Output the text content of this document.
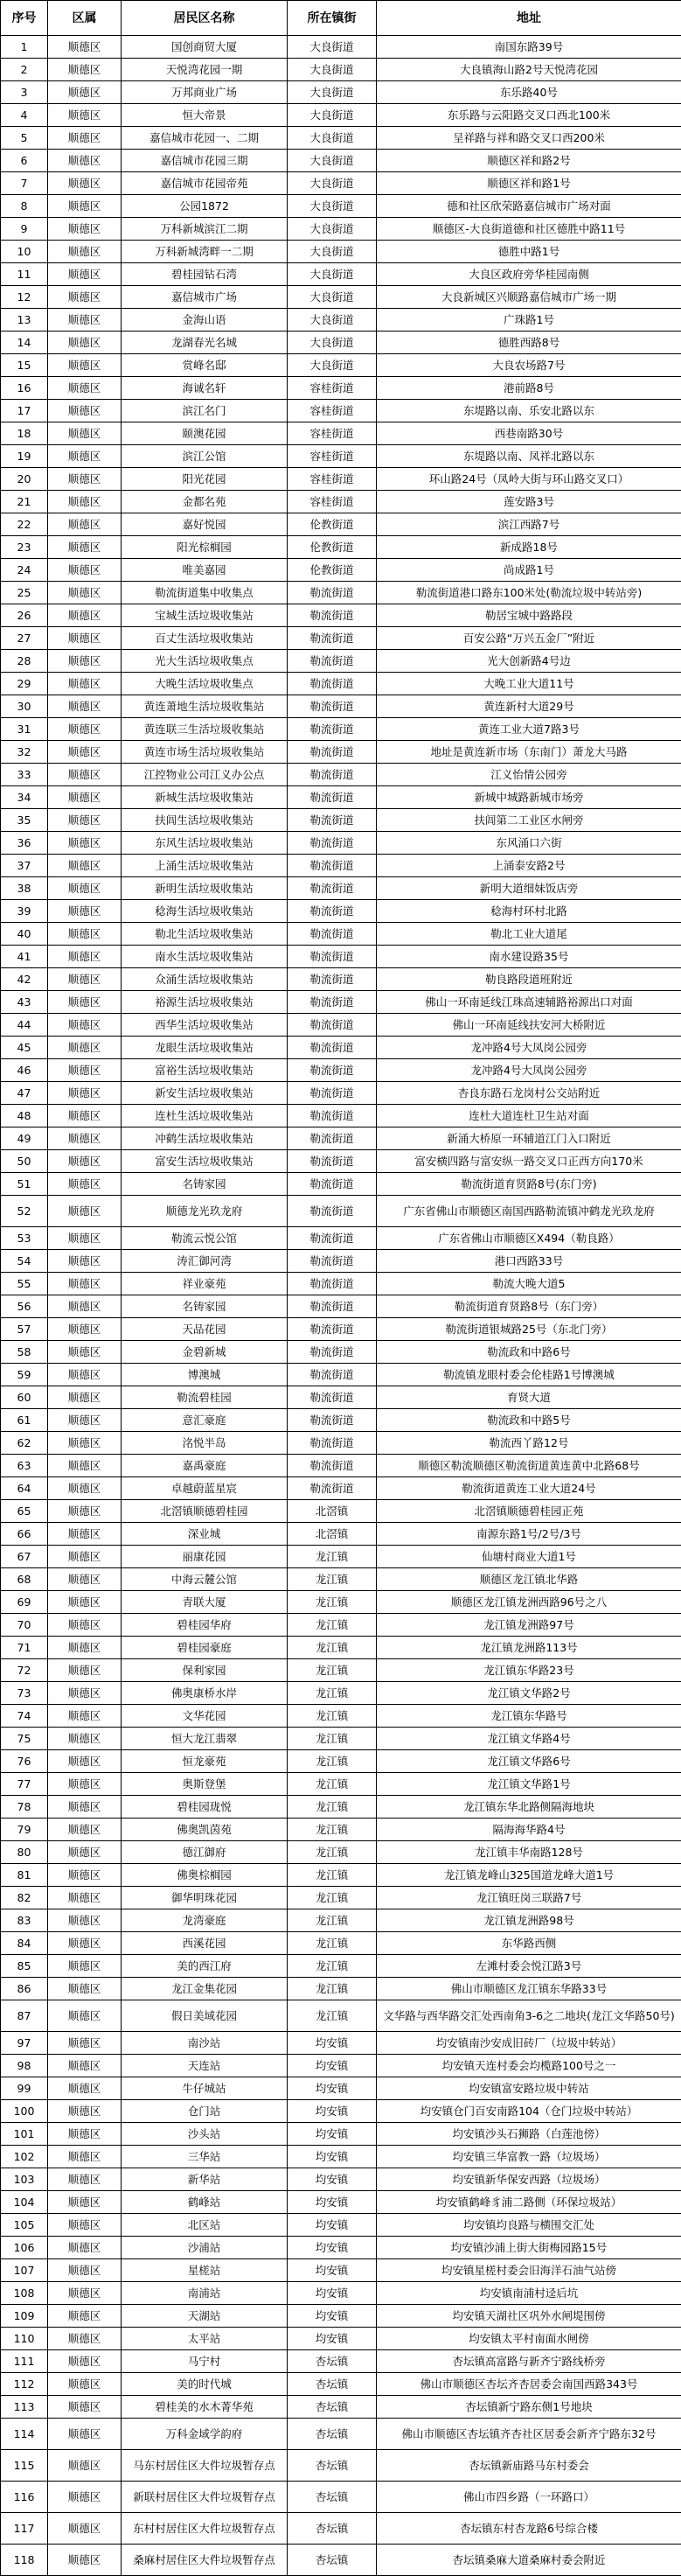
序号	区属	居民区名称	所在镇街	地址
1	顺德区	国创商贸大厦	大良街道	南国东路39号
2	顺德区	天悦湾花园一期	大良街道	大良镇海山路2号天悦湾花园
3	顺德区	万邦商业广场	大良街道	东乐路40号
4	顺德区	恒大帝景	大良街道	东乐路与云阳路交叉口西北100米
5	顺德区	嘉信城市花园一、二期	大良街道	呈祥路与祥和路交叉口西200米
6	顺德区	嘉信城市花园三期	大良街道	顺德区祥和路2号
7	顺德区	嘉信城市花园帝苑	大良街道	顺德区祥和路1号
8	顺德区	公园1872	大良街道	德和社区欣荣路嘉信城市广场对面
9	顺德区	万科新城滨江二期	大良街道	顺德区-大良街道德和社区德胜中路11号
10	顺德区	万科新城湾畔一二期	大良街道	德胜中路1号
11	顺德区	碧桂园钻石湾	大良街道	大良区政府旁华桂园南侧
12	顺德区	嘉信城市广场	大良街道	大良新城区兴顺路嘉信城市广场一期
13	顺德区	金海山语	大良街道	广珠路1号
14	顺德区	龙湖春光名城	大良街道	德胜西路8号
15	顺德区	赏峰名邸	大良街道	大良农场路7号
16	顺德区	海诚名轩	容桂街道	港前路8号
17	顺德区	滨江名门	容桂街道	东堤路以南、乐安北路以东
18	顺德区	颐澳花园	容桂街道	西巷南路30号
19	顺德区	滨江公馆	容桂街道	东堤路以南、凤祥北路以东
20	顺德区	阳光花园	容桂街道	环山路24号（凤岭大街与环山路交叉口）
21	顺德区	金都名苑	容桂街道	莲安路3号
22	顺德区	嘉好悦园	伦教街道	滨江西路7号
23	顺德区	阳光棕榈园	伦教街道	新成路18号
24	顺德区	唯美嘉园	伦教街道	尚成路1号
25	顺德区	勒流街道集中收集点	勒流街道	勒流街道港口路东100米处(勒流垃圾中转站旁)
26	顺德区	宝城生活垃圾收集站	勒流街道	勒居宝城中路路段
27	顺德区	百丈生活垃圾收集站	勒流街道	百安公路“万兴五金厂”附近
28	顺德区	光大生活垃圾收集点	勒流街道	光大创新路4号边
29	顺德区	大晚生活垃圾收集点	勒流街道	大晚工业大道11号
30	顺德区	黄连萧地生活垃圾收集站	勒流街道	黄连新村大道29号
31	顺德区	黄连联三生活垃圾收集站	勒流街道	黄连工业大道7路3号
32	顺德区	黄连市场生活垃圾收集站	勒流街道	地址是黄连新市场（东南门）萧龙大马路
33	顺德区	江控物业公司江义办公点	勒流街道	江义怡情公园旁
34	顺德区	新城生活垃圾收集站	勒流街道	新城中城路新城市场旁
35	顺德区	扶闾生活垃圾收集站	勒流街道	扶闾第二工业区水闸旁
36	顺德区	东风生活垃圾收集站	勒流街道	东风涌口六街
37	顺德区	上涌生活垃圾收集站	勒流街道	上涌泰安路2号
38	顺德区	新明生活垃圾收集站	勒流街道	新明大道细妹饭店旁
39	顺德区	稔海生活垃圾收集站	勒流街道	稔海村环村北路
40	顺德区	勒北生活垃圾收集站	勒流街道	勒北工业大道尾
41	顺德区	南水生活垃圾收集站	勒流街道	南水建设路35号
42	顺德区	众涌生活垃圾收集站	勒流街道	勒良路段道班附近
43	顺德区	裕源生活垃圾收集站	勒流街道	佛山一环南延线江珠高速辅路裕源出口对面
44	顺德区	西华生活垃圾收集站	勒流街道	佛山一环南延线扶安河大桥附近
45	顺德区	龙眼生活垃圾收集站	勒流街道	龙冲路4号大凤岗公园旁
46	顺德区	富裕生活垃圾收集站	勒流街道	龙冲路4号大凤岗公园旁
47	顺德区	新安生活垃圾收集站	勒流街道	杏良东路石龙岗村公交站附近
48	顺德区	连杜生活垃圾收集站	勒流街道	连杜大道连杜卫生站对面
49	顺德区	冲鹤生活垃圾收集站	勒流街道	新涌大桥原一环辅道江门入口附近
50	顺德区	富安生活垃圾收集站	勒流街道	富安横四路与富安纵一路交叉口正西方向170米
51	顺德区	名铸家园	勒流街道	勒流街道育贤路8号(东门旁)
52	顺德区	顺德龙光玖龙府	勒流街道	广东省佛山市顺德区南国西路勒流镇冲鹤龙光玖龙府
53	顺德区	勒流云悦公馆	勒流街道	广东省佛山市顺德区X494（勒良路）
54	顺德区	涛汇御河湾	勒流街道	港口西路33号
55	顺德区	祥业豪苑	勒流街道	勒流大晚大道5
56	顺德区	名铸家园	勒流街道	勒流街道育贤路8号（东门旁）
57	顺德区	天品花园	勒流街道	勒流街道银城路25号（东北门旁）
58	顺德区	金碧新城	勒流街道	勒流政和中路6号
59	顺德区	博澳城	勒流街道	勒流镇龙眼村委会伦桂路1号博澳城
60	顺德区	勒流碧桂园	勒流街道	育贤大道
61	顺德区	意汇豪庭	勒流街道	勒流政和中路5号
62	顺德区	洺悦半岛	勒流街道	勒流西丫路12号
63	顺德区	嘉禹豪庭	勒流街道	顺德区勒流顺德区勒流街道黄连黄中北路68号
64	顺德区	卓越蔚蓝星宸	勒流街道	勒流街道黄连工业大道24号
65	顺德区	北滘镇顺德碧桂园	北滘镇	北滘镇顺德碧桂园正苑
66	顺德区	深业城	北滘镇	南源东路1号/2号/3号
67	顺德区	丽康花园	龙江镇	仙塘村商业大道1号
68	顺德区	中海云麓公馆	龙江镇	顺德区龙江镇北华路
69	顺德区	青联大厦	龙江镇	顺德区龙江镇龙洲西路96号之八
70	顺德区	碧桂园华府	龙江镇	龙江镇龙洲路97号
71	顺德区	碧桂园豪庭	龙江镇	龙江镇龙洲路113号
72	顺德区	保利家园	龙江镇	龙江镇东华路23号
73	顺德区	佛奥康桥水岸	龙江镇	龙江镇文华路2号
74	顺德区	文华花园	龙江镇	龙江镇东华路号
75	顺德区	恒大龙江翡翠	龙江镇	龙江镇文华路4号
76	顺德区	恒龙豪苑	龙江镇	龙江镇文华路6号
77	顺德区	奥斯登堡	龙江镇	龙江镇文华路1号
78	顺德区	碧桂园珑悦	龙江镇	龙江镇东华北路侧隔海地块
79	顺德区	佛奥凯茵苑	龙江镇	隔海海华路4号
80	顺德区	德江御府	龙江镇	龙江镇丰华南路128号
81	顺德区	佛奥棕榈园	龙江镇	龙江镇龙峰山325国道龙峰大道1号
82	顺德区	御华明珠花园	龙江镇	龙江镇旺岗三联路7号
83	顺德区	龙湾豪庭	龙江镇	龙江镇龙洲路98号
84	顺德区	西溪花园	龙江镇	东华路西侧
85	顺德区	美的西江府	龙江镇	左滩村委会悦江路3号
86	顺德区	龙江金集花园	龙江镇	佛山市顺德区龙江镇东华路33号
87	顺德区	假日美域花园	龙江镇	文华路与西华路交汇处西南角3-6之二地块(龙江文华路50号)
97	顺德区	南沙站	均安镇	均安镇南沙安成旧砖厂（垃圾中转站）
98	顺德区	天连站	均安镇	均安镇天连村委会均榄路100号之一
99	顺德区	牛仔城站	均安镇	均安镇富安路垃圾中转站
100	顺德区	仓门站	均安镇	均安镇仓门百安南路104（仓门垃圾中转站）
101	顺德区	沙头站	均安镇	均安镇沙头石狮路（白莲池傍）
102	顺德区	三华站	均安镇	均安镇三华富教一路（垃圾场）
103	顺德区	新华站	均安镇	均安镇新华保安西路（垃圾场）
104	顺德区	鹤峰站	均安镇	均安镇鹤峰豸浦二路侧（环保垃圾站）
105	顺德区	北区站	均安镇	均安镇均良路与横围交汇处
106	顺德区	沙浦站	均安镇	均安镇沙浦上街大街梅园路15号
107	顺德区	星槎站	均安镇	均安镇星槎村委会旧海洋石油气站傍
108	顺德区	南浦站	均安镇	均安镇南浦村迳后坑
109	顺德区	天湖站	均安镇	均安镇天湖社区巩外水闸堤围傍
110	顺德区	太平站	均安镇	均安镇太平村南面水闸傍
111	顺德区	马宁村	杏坛镇	杏坛镇高富路与新齐宁路线桥旁
112	顺德区	美的时代城	杏坛镇	佛山市顺德区杏坛齐杏居委会南国西路343号
113	顺德区	碧桂美的水木菁华苑	杏坛镇	杏坛镇新宁路东侧1号地块
114	顺德区	万科金域学韵府	杏坛镇	佛山市顺德区杏坛镇齐杏社区居委会新齐宁路东32号
115	顺德区	马东村居住区大件垃圾暂存点	杏坛镇	杏坛镇新庙路马东村委会
116	顺德区	新联村居住区大件垃圾暂存点	杏坛镇	佛山市四乡路（一环路口）
117	顺德区	东村村居住区大件垃圾暂存点	杏坛镇	杏坛镇东村杏龙路6号综合楼
118	顺德区	桑麻村居住区大件垃圾暂存点	杏坛镇	杏坛镇桑麻大道桑麻村委会附近
